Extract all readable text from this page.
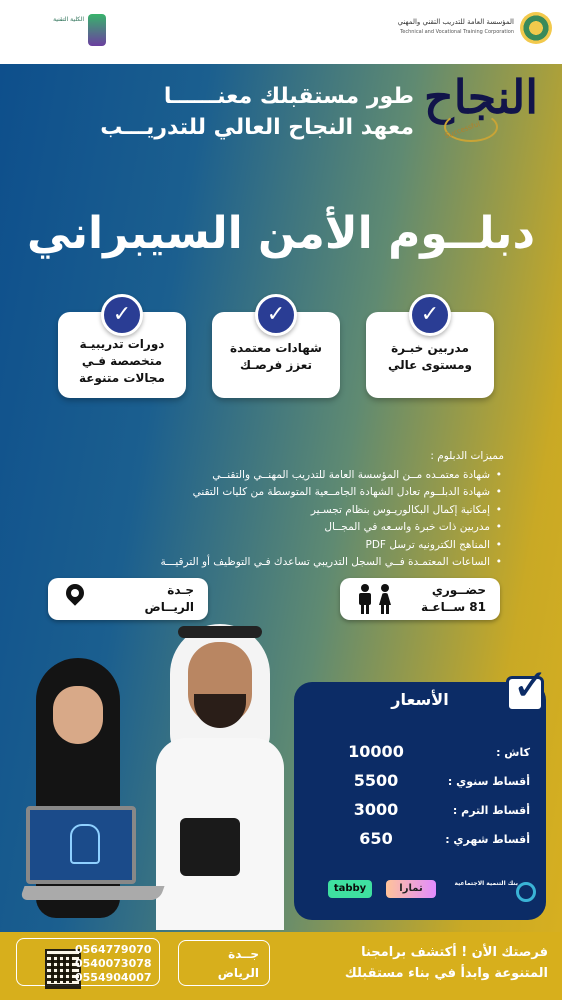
الكلية التقنية	المؤسسة العامة للتدريب التقني والمهني
Technical and Vocational Training Corporation
النجاح
Successful
طور مستقبلك معنــــــا
معهد النجاح العالي للتدريـــب
دبلــوم الأمن السيبراني
✓
مدربين خبـرة
ومستوى عالي
✓
شهادات معتمدة
تعزز فرصـك
✓
دورات تدريبيـة
متخصصة فـي
مجالات متنوعة
مميزات الدبلوم :
• شهادة معتمـده مــن المؤسسة العامة للتدريب المهنــي والتقنــي
• شهادة الدبلــوم تعادل الشهادة الجامــعية المتوسطة من كليات التقني
• إمكانية إكمال البكالوريـوس بنظام تجسـير
• مدربين ذات خبرة واسـعه في المجــال
• المناهج الكترونيه ترسل PDF
• الساعات المعتمـدة فــي السجل التدريبي تساعدك فـي التوظيف أو الترقيـــة
جـدة
الريــاض
حضــوري
81 ســاعـة
✓
الأسعار
كاش :
10000
أقساط سنوي :
5500
أقساط الترم :
3000
أقساط شهري :
650
tabby	تمارا	بنك التنمية الاجتماعية
0564779070
0540073078
0554904007
جــدة
الرياض
فرصتك الأن ! أكتشف برامجنا
المتنوعة وابدأ في بناء مستقبلك
